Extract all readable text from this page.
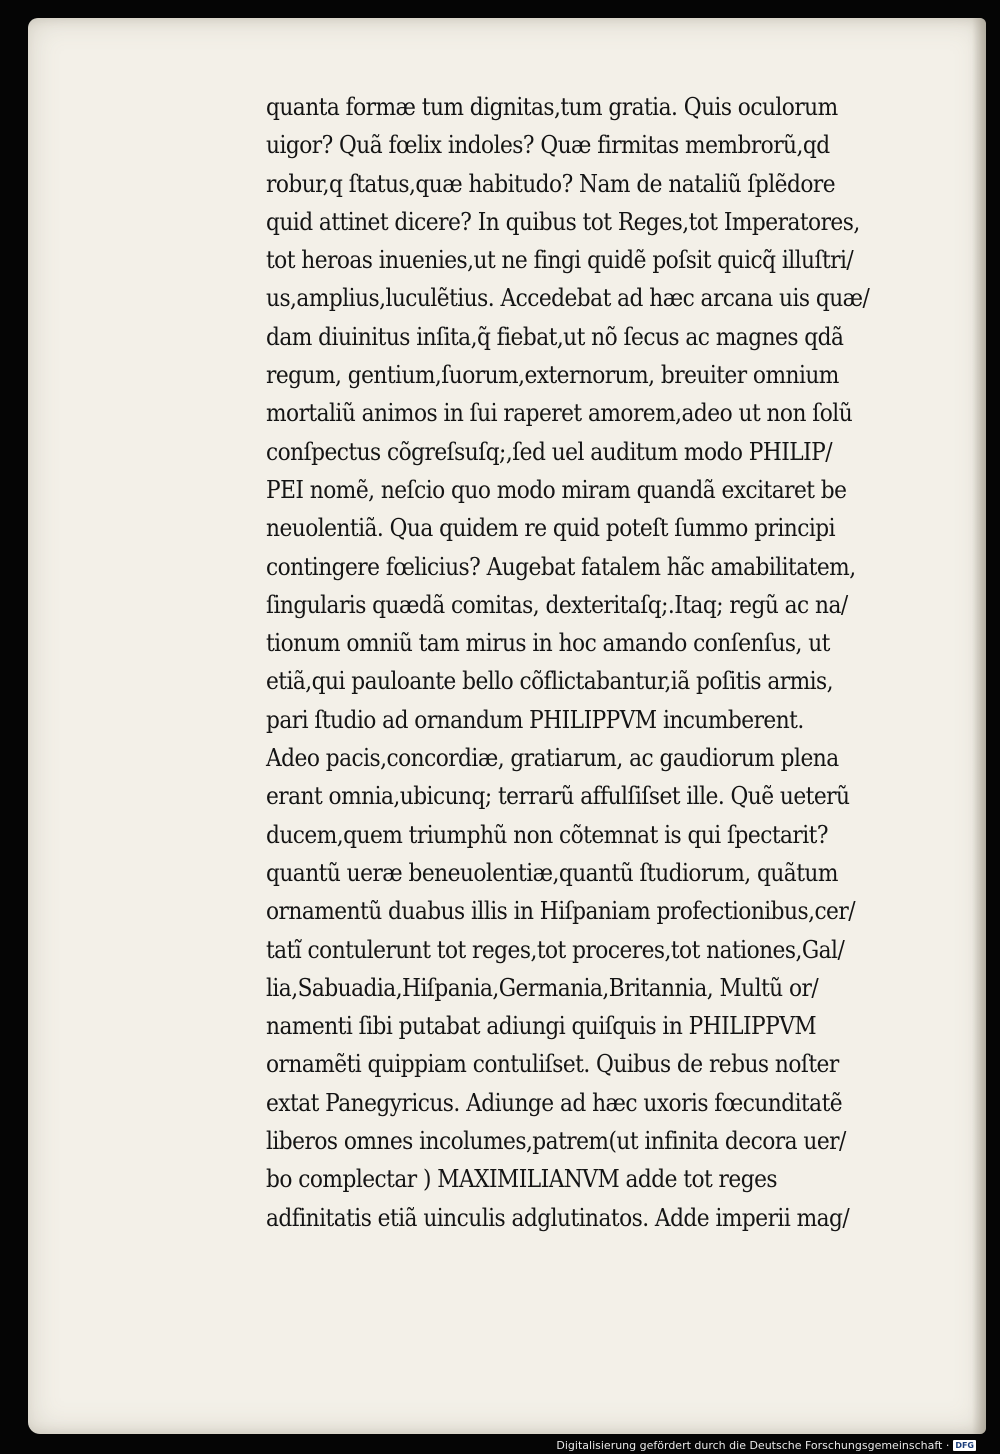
quanta formæ tum dignitas,tum gratia. Quis oculorum
uigor? Quã fœlix indoles? Quæ firmitas membrorũ,qd
robur,q ſtatus,quæ habitudo? Nam de nataliũ ſplẽdore
quid attinet dicere? In quibus tot Reges,tot Imperatores,
tot heroas inuenies,ut ne fingi quidẽ poſsit quicq̃ illuſtri/
us,amplius,luculẽtius. Accedebat ad hæc arcana uis quæ/
dam diuinitus inſita,q̃ fiebat,ut nõ ſecus ac magnes qdã
regum, gentium,ſuorum,externorum, breuiter omnium
mortaliũ animos in ſui raperet amorem,adeo ut non ſolũ
conſpectus cõgreſsuſq;,ſed uel auditum modo PHILIP/
PEI nomẽ, neſcio quo modo miram quandã excitaret be
neuolentiã. Qua quidem re quid poteſt ſummo principi
contingere fœlicius? Augebat fatalem hãc amabilitatem,
ſingularis quædã comitas, dexteritaſq;.Itaq; regũ ac na/
tionum omniũ tam mirus in hoc amando conſenſus, ut
etiã,qui pauloante bello cõflictabantur,iã poſitis armis,
pari ſtudio ad ornandum PHILIPPVM incumberent.
Adeo pacis,concordiæ, gratiarum, ac gaudiorum plena
erant omnia,ubicunq; terrarũ affulſiſset ille. Quẽ ueterũ
ducem,quem triumphũ non cõtemnat is qui ſpectarit?
quantũ ueræ beneuolentiæ,quantũ ſtudiorum, quãtum
ornamentũ duabus illis in Hiſpaniam profectionibus,cer/
tatĩ contulerunt tot reges,tot proceres,tot nationes,Gal/
lia,Sabuadia,Hiſpania,Germania,Britannia, Multũ or/
namenti ſibi putabat adiungi quiſquis in PHILIPPVM
ornamẽti quippiam contuliſset. Quibus de rebus noſter
extat Panegyricus. Adiunge ad hæc uxoris fœcunditatẽ
liberos omnes incolumes,patrem(ut infinita decora uer/
bo complectar ) MAXIMILIANVM adde tot reges
adfinitatis etiã uinculis adglutinatos. Adde imperii mag/
Digitalisierung gefördert durch die Deutsche Forschungsgemeinschaft · DFG
